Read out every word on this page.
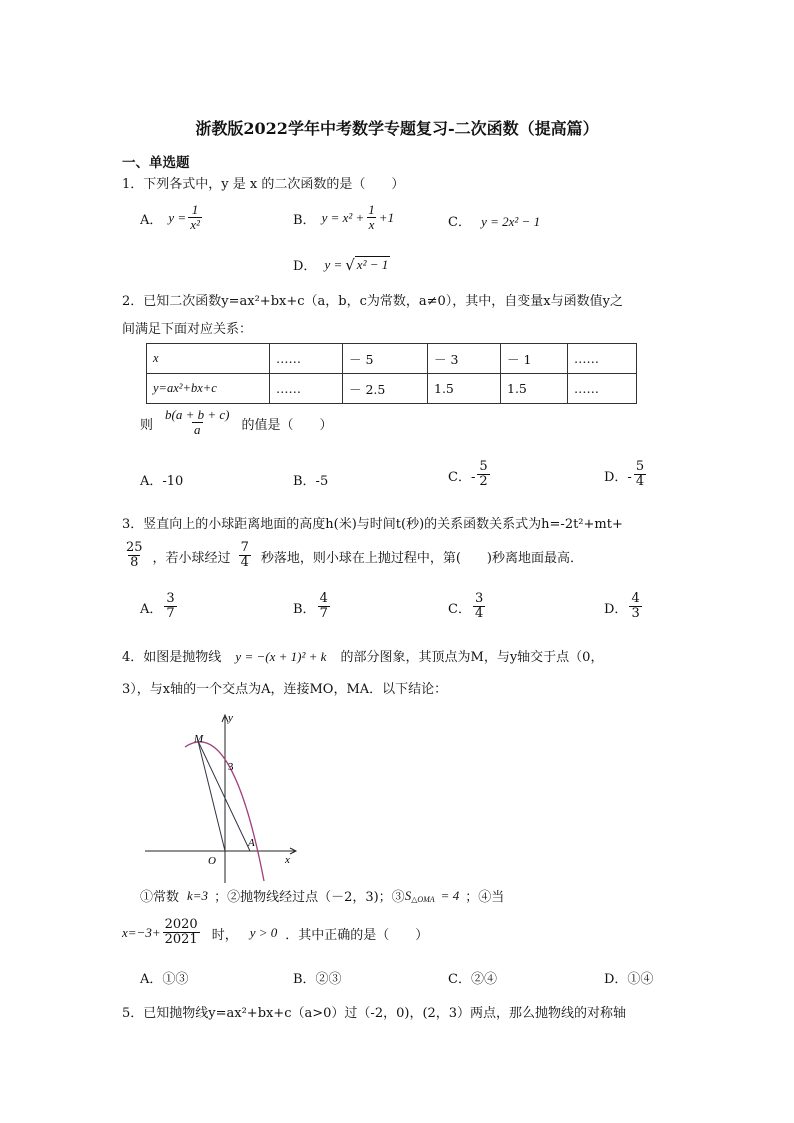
浙教版2022学年中考数学专题复习-二次函数（提高篇）
一、单选题
1．下列各式中，y 是 x 的二次函数的是（　　）
A． $y = \frac{1}{\text{x²}}$	B． $y = x^2 + \frac{1}{x} +1$	C． y = 2x² − 1
D． y = √ x² − 1
2．已知二次函数y=ax²+bx+c（a，b，c为常数，a≠0），其中，自变量x与函数值y之
间满足下面对应关系：
x	……	－ 5	－ 3	－ 1	……
y=ax²+bx+c	……	－ 2.5	1.5	1.5	……
则 $\frac{b(a + b + c)}{a}$ 的值是（　　）
A．-10	B．-5	C．- $\frac{5}{2}$	D．- $\frac{5}{4}$
3．竖直向上的小球距离地面的高度h(米)与时间t(秒)的关系函数关系式为h=-2t²+mt+
$\frac{25}{8}$ ，若小球经过 $\frac{7}{4}$ 秒落地，则小球在上抛过程中，第(　　)秒离地面最高．
A． $\frac{3}{7}$	B． $\frac{4}{7}$	C． $\frac{3}{4}$	D． $\frac{4}{3}$
4．如图是抛物线 y = −(x + 1)² + k 的部分图象，其顶点为M，与y轴交于点（0，
3），与x轴的一个交点为A，连接MO，MA．以下结论：
y
x
M
A
O
3
①常数 k=3 ；②抛物线经过点（－2，3)；③ S △OMA = 4 ；④当
$x=-3+ \frac{2020}{2021}$ 时， y > 0 ．其中正确的是（　　）
A．①③	B．②③	C．②④	D．①④
5．已知抛物线y=ax²+bx+c（a>0）过（-2，0)，(2，3）两点，那么抛物线的对称轴
